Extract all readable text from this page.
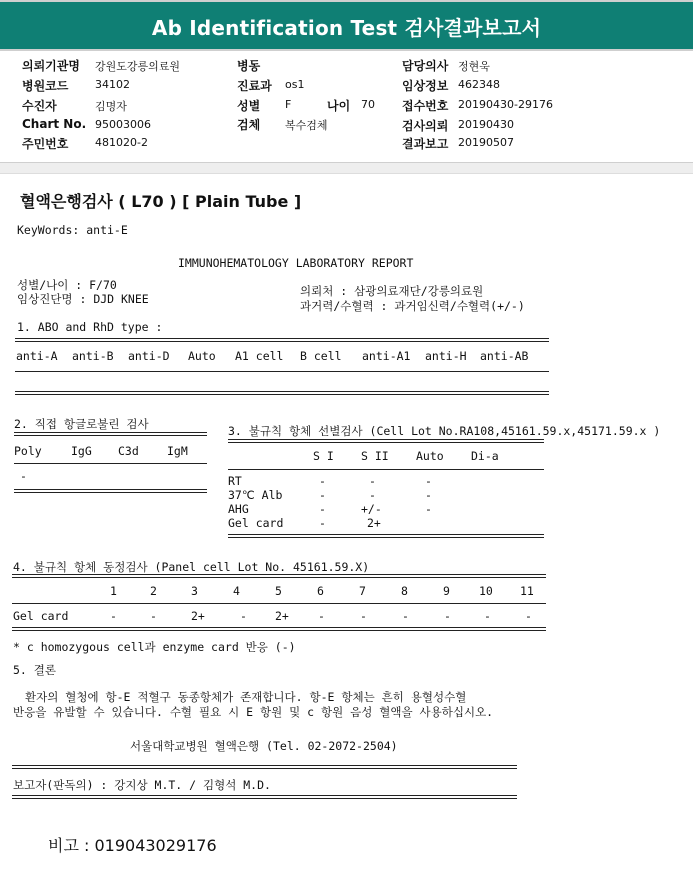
Ab Identification Test 검사결과보고서
의뢰기관명 강원도강릉의료원
병원코드 34102
수진자	김명자
Chart No. 95003006
주민번호 481020-2
병동
진료과 os1
성별 F	나이 70
검체 복수검체
담당의사 정현욱
임상정보 462348
접수번호 20190430-29176
검사의뢰 20190430
결과보고 20190507
혈액은행검사 ( L70 ) [ Plain Tube ]
KeyWords: anti-E
IMMUNOHEMATOLOGY LABORATORY REPORT
성별/나이 : F/70
임상진단명 : DJD KNEE
의뢰처 : 삼광의료재단/강릉의료원
과거력/수혈력 : 과거임신력/수혈력(+/-)
1. ABO and RhD type :
anti-A anti-B anti-D Auto A1 cell B cell anti-A1 anti-H anti-AB
2. 직접 항글로불린 검사
Poly	IgG C3d IgM
-
3. 불규칙 항체 선별검사 (Cell Lot No.RA108,45161.59.x,45171.59.x )
S I S II Auto Di-a
RT	-	-	-
37℃ Alb	-	-	-
AHG	-	+/-	-
Gel card	-	2+
4. 불규칙 항체 동정검사 (Panel cell Lot No. 45161.59.X)
1	2	3	4	5	6	7	8	9	10 11
Gel card	-	-	2+	- 2+	-	-	-	-	-	-
* c homozygous cell과 enzyme card 반응 (-)
5. 결론
환자의 혈청에 항-E 적혈구 동종항체가 존재합니다. 항-E 항체는 흔히 용혈성수혈
반응을 유발할 수 있습니다. 수혈 필요 시 E 항원 및 c 항원 음성 혈액을 사용하십시오.
서울대학교병원 혈액은행 (Tel. 02-2072-2504)
보고자(판독의) : 강지상 M.T. / 김형석 M.D.
비고 : 019043029176
